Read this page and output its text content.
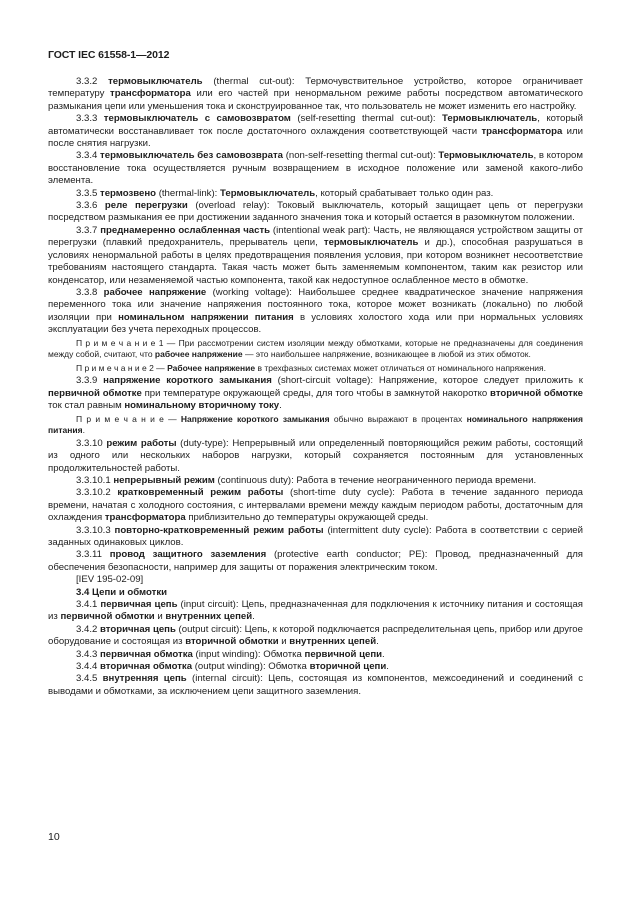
ГОСТ IEC 61558-1—2012

3.3.2 термовыключатель (thermal cut-out): Термочувствительное устройство, которое ограничивает температуру трансформатора или его частей при ненормальном режиме работы посредством автоматического размыкания цепи или уменьшения тока и сконструированное так, что пользователь не может изменить его настройку.

3.3.3 термовыключатель с самовозвратом (self-resetting thermal cut-out): Термовыключатель, который автоматически восстанавливает ток после достаточного охлаждения соответствующей части трансформатора или после снятия нагрузки.

3.3.4 термовыключатель без самовозврата (non-self-resetting thermal cut-out): Термовыключатель, в котором восстановление тока осуществляется ручным возвращением в исходное положение или заменой какого-либо элемента.

3.3.5 термозвено (thermal-link): Термовыключатель, который срабатывает только один раз.

3.3.6 реле перегрузки (overload relay): Токовый выключатель, который защищает цепь от перегрузки посредством размыкания ее при достижении заданного значения тока и который остается в разомкнутом положении.

3.3.7 преднамеренно ослабленная часть (intentional weak part): Часть, не являющаяся устройством защиты от перегрузки (плавкий предохранитель, прерыватель цепи, термовыключатель и др.), способная разрушаться в условиях ненормальной работы в целях предотвращения появления условия, при котором возникнет несоответствие требованиям настоящего стандарта. Такая часть может быть заменяемым компонентом, таким как резистор или конденсатор, или незаменяемой частью компонента, такой как недоступное ослабленное место в обмотке.

3.3.8 рабочее напряжение (working voltage): Наибольшее среднее квадратическое значение напряжения переменного тока или значение напряжения постоянного тока, которое может возникать (локально) по любой изоляции при номинальном напряжении питания в условиях холостого хода или при нормальных условиях эксплуатации без учета переходных процессов.

П р и м е ч а н и е 1 — При рассмотрении систем изоляции между обмотками, которые не предназначены для соединения между собой, считают, что рабочее напряжение — это наибольшее напряжение, возникающее в любой из этих обмоток.

П р и м е ч а н и е 2 — Рабочее напряжение в трехфазных системах может отличаться от номинального напряжения.

3.3.9 напряжение короткого замыкания (short-circuit voltage): Напряжение, которое следует приложить к первичной обмотке при температуре окружающей среды, для того чтобы в замкнутой накоротко вторичной обмотке ток стал равным номинальному вторичному току.

П р и м е ч а н и е — Напряжение короткого замыкания обычно выражают в процентах номинального напряжения питания.

3.3.10 режим работы (duty-type): Непрерывный или определенный повторяющийся режим работы, состоящий из одного или нескольких наборов нагрузки, который сохраняется постоянным для установленных продолжительностей работы.

3.3.10.1 непрерывный режим (continuous duty): Работа в течение неограниченного периода времени.

3.3.10.2 кратковременный режим работы (short-time duty cycle): Работа в течение заданного периода времени, начатая с холодного состояния, с интервалами времени между каждым периодом работы, достаточным для охлаждения трансформатора приблизительно до температуры окружающей среды.

3.3.10.3 повторно-кратковременный режим работы (intermittent duty cycle): Работа в соответствии с серией заданных одинаковых циклов.

3.3.11 провод защитного заземления (protective earth conductor; PE): Провод, предназначенный для обеспечения безопасности, например для защиты от поражения электрическим током.

[IEV 195-02-09]

3.4 Цепи и обмотки

3.4.1 первичная цепь (input circuit): Цепь, предназначенная для подключения к источнику питания и состоящая из первичной обмотки и внутренних цепей.

3.4.2 вторичная цепь (output circuit): Цепь, к которой подключается распределительная цепь, прибор или другое оборудование и состоящая из вторичной обмотки и внутренних цепей.

3.4.3 первичная обмотка (input winding): Обмотка первичной цепи.

3.4.4 вторичная обмотка (output winding): Обмотка вторичной цепи.

3.4.5 внутренняя цепь (internal circuit): Цепь, состоящая из компонентов, межсоединений и соединений с выводами и обмотками, за исключением цепи защитного заземления.

10
